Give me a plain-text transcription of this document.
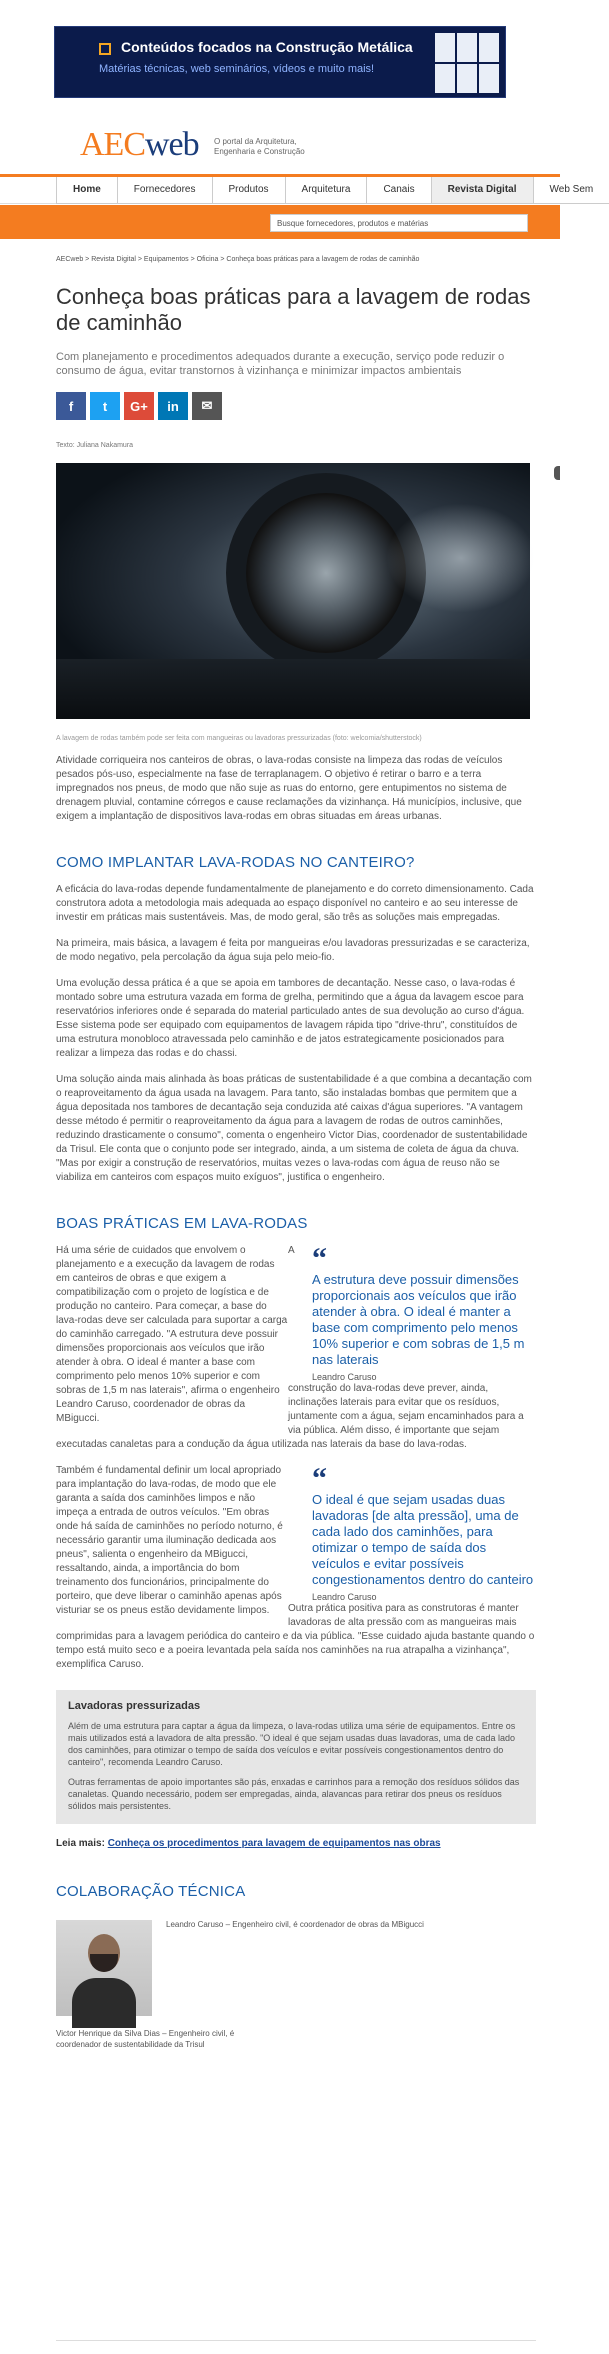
Conteúdos focados na Construção Metálica
Matérias técnicas, web seminários, vídeos e muito mais!
AECweb O portal da Arquitetura, Engenharia e Construção
Home	Fornecedores	Produtos	Arquitetura	Canais	Revista Digital	Web Sem
Busque fornecedores, produtos e matérias
AECweb > Revista Digital > Equipamentos > Oficina > Conheça boas práticas para a lavagem de rodas de caminhão
Conheça boas práticas para a lavagem de rodas de caminhão
Com planejamento e procedimentos adequados durante a execução, serviço pode reduzir o consumo de água, evitar transtornos à vizinhança e minimizar impactos ambientais
f	t	G+	in	✉
Texto: Juliana Nakamura
A lavagem de rodas também pode ser feita com mangueiras ou lavadoras pressurizadas (foto: welcomia/shutterstock)

Atividade corriqueira nos canteiros de obras, o lava-rodas consiste na limpeza das rodas de veículos pesados pós-uso, especialmente na fase de terraplanagem. O objetivo é retirar o barro e a terra impregnados nos pneus, de modo que não suje as ruas do entorno, gere entupimentos no sistema de drenagem pluvial, contamine córregos e cause reclamações da vizinhança. Há municípios, inclusive, que exigem a implantação de dispositivos lava-rodas em obras situadas em áreas urbanas.

COMO IMPLANTAR LAVA-RODAS NO CANTEIRO?

A eficácia do lava-rodas depende fundamentalmente de planejamento e do correto dimensionamento. Cada construtora adota a metodologia mais adequada ao espaço disponível no canteiro e ao seu interesse de investir em práticas mais sustentáveis. Mas, de modo geral, são três as soluções mais empregadas.

Na primeira, mais básica, a lavagem é feita por mangueiras e/ou lavadoras pressurizadas e se caracteriza, de modo negativo, pela percolação da água suja pelo meio-fio.

Uma evolução dessa prática é a que se apoia em tambores de decantação. Nesse caso, o lava-rodas é montado sobre uma estrutura vazada em forma de grelha, permitindo que a água da lavagem escoe para reservatórios inferiores onde é separada do material particulado antes de sua devolução ao curso d'água. Esse sistema pode ser equipado com equipamentos de lavagem rápida tipo "drive-thru", constituídos de uma estrutura monobloco atravessada pelo caminhão e de jatos estrategicamente posicionados para realizar a limpeza das rodas e do chassi.

Uma solução ainda mais alinhada às boas práticas de sustentabilidade é a que combina a decantação com o reaproveitamento da água usada na lavagem. Para tanto, são instaladas bombas que permitem que a água depositada nos tambores de decantação seja conduzida até caixas d'água superiores. "A vantagem desse método é permitir o reaproveitamento da água para a lavagem de rodas de outros caminhões, reduzindo drasticamente o consumo", comenta o engenheiro Victor Dias, coordenador de sustentabilidade da Trisul. Ele conta que o conjunto pode ser integrado, ainda, a um sistema de coleta de água da chuva. "Mas por exigir a construção de reservatórios, muitas vezes o lava-rodas com água de reuso não se viabiliza em canteiros com espaços muito exíguos", justifica o engenheiro.

BOAS PRÁTICAS EM LAVA-RODAS
“
A estrutura deve possuir dimensões proporcionais aos veículos que irão atender à obra. O ideal é manter a base com comprimento pelo menos 10% superior e com sobras de 1,5 m nas laterais
Leandro Caruso

Há uma série de cuidados que envolvem o planejamento e a execução da lavagem de rodas em canteiros de obras e que exigem a compatibilização com o projeto de logística e de produção no canteiro. Para começar, a base do lava-rodas deve ser calculada para suportar a carga do caminhão carregado. "A estrutura deve possuir dimensões proporcionais aos veículos que irão atender à obra. O ideal é manter a base com comprimento pelo menos 10% superior e com sobras de 1,5 m nas laterais", afirma o engenheiro Leandro Caruso, coordenador de obras da MBigucci.

A construção do lava-rodas deve prever, ainda, inclinações laterais para evitar que os resíduos, juntamente com a água, sejam encaminhados para a via pública. Além disso, é importante que sejam executadas canaletas para a condução da água utilizada nas laterais da base do lava-rodas.

“
O ideal é que sejam usadas duas lavadoras [de alta pressão], uma de cada lado dos caminhões, para otimizar o tempo de saída dos veículos e evitar possíveis congestionamentos dentro do canteiro
Leandro Caruso

Também é fundamental definir um local apropriado para implantação do lava-rodas, de modo que ele garanta a saída dos caminhões limpos e não impeça a entrada de outros veículos. "Em obras onde há saída de caminhões no período noturno, é necessário garantir uma iluminação dedicada aos pneus", salienta o engenheiro da MBigucci, ressaltando, ainda, a importância do bom treinamento dos funcionários, principalmente do porteiro, que deve liberar o caminhão apenas após visturiar se os pneus estão devidamente limpos.	Outra prática positiva para as construtoras é manter lavadoras de alta pressão com as mangueiras mais comprimidas para a lavagem periódica do canteiro e da via pública. "Esse cuidado ajuda bastante quando o tempo está muito seco e a poeira levantada pela saída nos caminhões na rua atrapalha a vizinhança", exemplifica Caruso.

Lavadoras pressurizadas

Além de uma estrutura para captar a água da limpeza, o lava-rodas utiliza uma série de equipamentos. Entre os mais utilizados está a lavadora de alta pressão. "O ideal é que sejam usadas duas lavadoras, uma de cada lado dos caminhões, para otimizar o tempo de saída dos veículos e evitar possíveis congestionamentos dentro do canteiro", recomenda Leandro Caruso.

Outras ferramentas de apoio importantes são pás, enxadas e carrinhos para a remoção dos resíduos sólidos das canaletas. Quando necessário, podem ser empregadas, ainda, alavancas para retirar dos pneus os resíduos sólidos mais persistentes.

Leia mais: Conheça os procedimentos para lavagem de equipamentos nas obras
COLABORAÇÃO TÉCNICA
Leandro Caruso – Engenheiro civil, é coordenador de obras da MBigucci
Victor Henrique da Silva Dias – Engenheiro civil, é coordenador de sustentabilidade da Trisul
